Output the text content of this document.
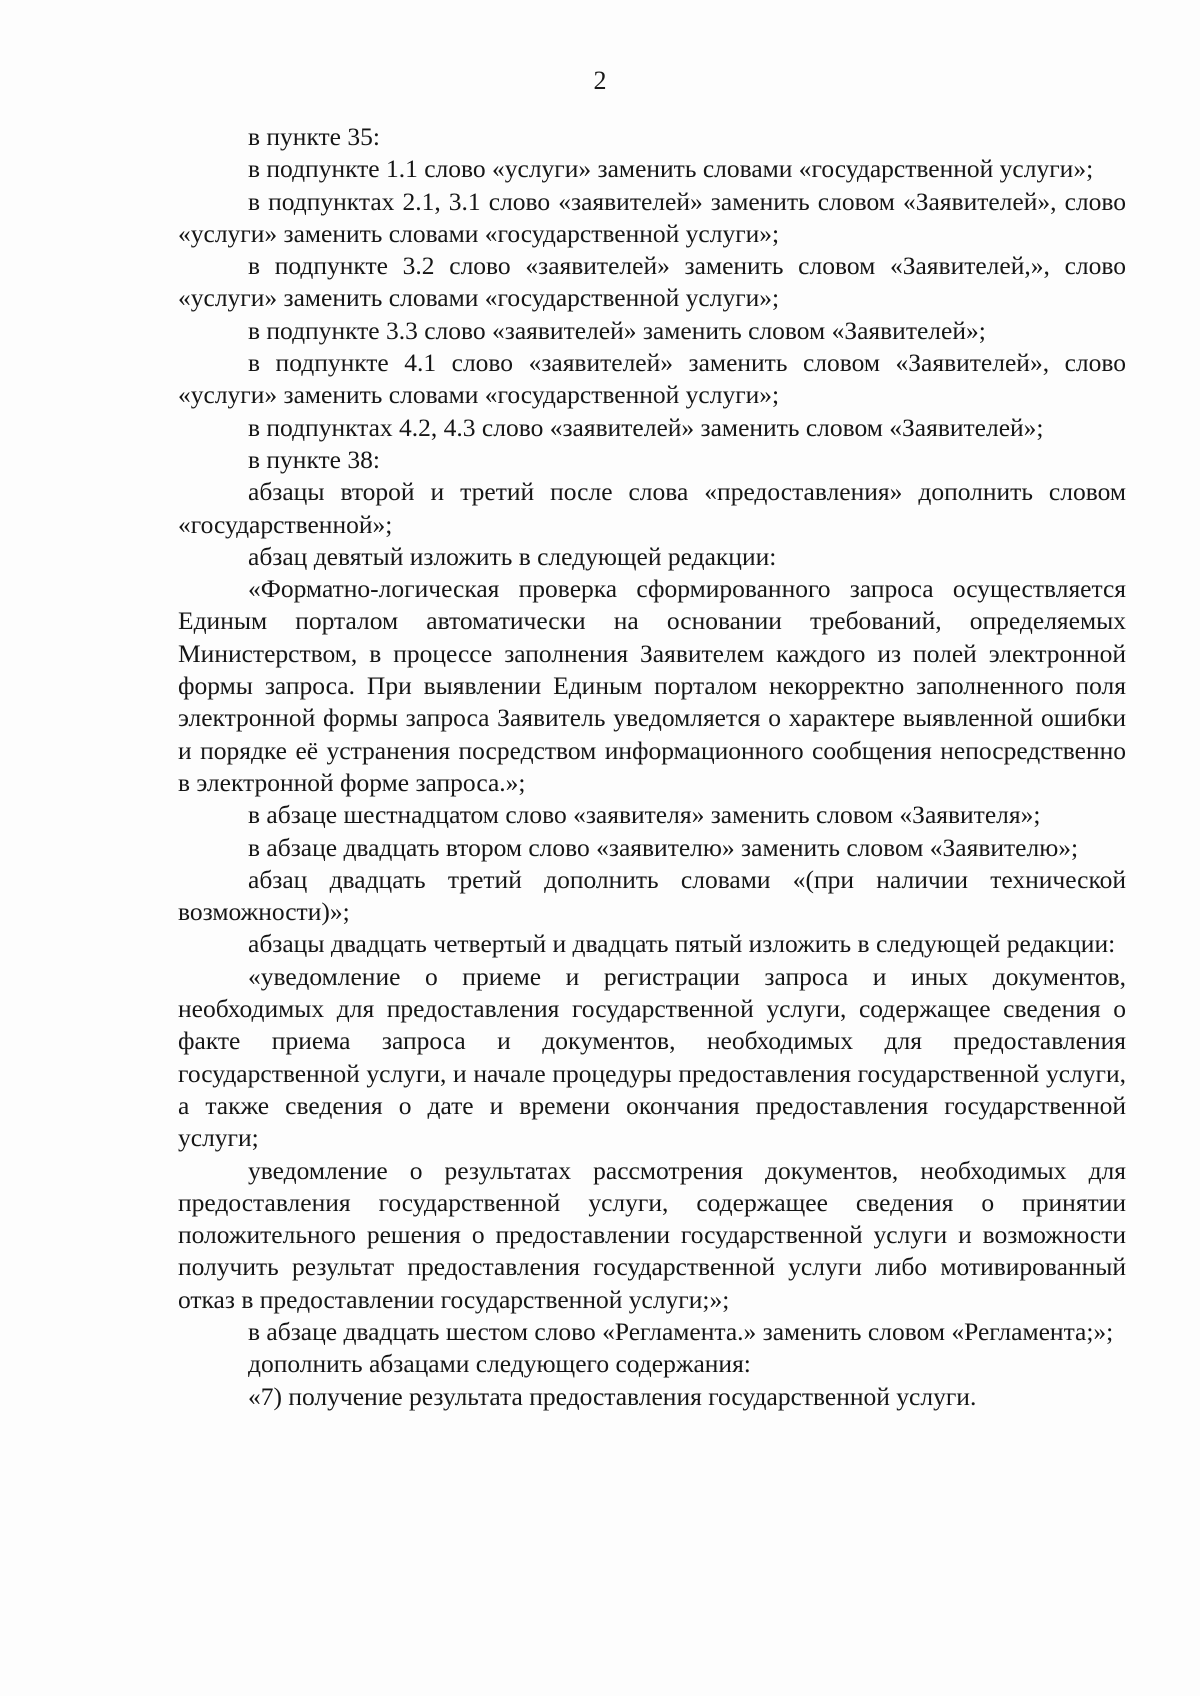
2

в пункте 35:

в подпункте 1.1 слово «услуги» заменить словами «государственной услуги»;

в подпунктах 2.1, 3.1 слово «заявителей» заменить словом «Заявителей», слово «услуги» заменить словами «государственной услуги»;

в подпункте 3.2 слово «заявителей» заменить словом «Заявителей,», слово «услуги» заменить словами «государственной услуги»;

в подпункте 3.3 слово «заявителей» заменить словом «Заявителей»;

в подпункте 4.1 слово «заявителей» заменить словом «Заявителей», слово «услуги» заменить словами «государственной услуги»;

в подпунктах 4.2, 4.3 слово «заявителей» заменить словом «Заявителей»;

в пункте 38:

абзацы второй и третий после слова «предоставления» дополнить словом «государственной»;

абзац девятый изложить в следующей редакции:

«Форматно-логическая проверка сформированного запроса осуществляется Единым порталом автоматически на основании требований, определяемых Министерством, в процессе заполнения Заявителем каждого из полей электронной формы запроса. При выявлении Единым порталом некорректно заполненного поля электронной формы запроса Заявитель уведомляется о характере выявленной ошибки и порядке её устранения посредством информационного сообщения непосредственно в электронной форме запроса.»;

в абзаце шестнадцатом слово «заявителя» заменить словом «Заявителя»;

в абзаце двадцать втором слово «заявителю» заменить словом «Заявителю»;

абзац двадцать третий дополнить словами «(при наличии технической возможности)»;

абзацы двадцать четвертый и двадцать пятый изложить в следующей редакции:

«уведомление о приеме и регистрации запроса и иных документов, необходимых для предоставления государственной услуги, содержащее сведения о факте приема запроса и документов, необходимых для предоставления государственной услуги, и начале процедуры предоставления государственной услуги, а также сведения о дате и времени окончания предоставления государственной услуги;

уведомление о результатах рассмотрения документов, необходимых для предоставления государственной услуги, содержащее сведения о принятии положительного решения о предоставлении государственной услуги и возможности получить результат предоставления государственной услуги либо мотивированный отказ в предоставлении государственной услуги;»;

в абзаце двадцать шестом слово «Регламента.» заменить словом «Регламента;»;

дополнить абзацами следующего содержания:

«7) получение результата предоставления государственной услуги.
